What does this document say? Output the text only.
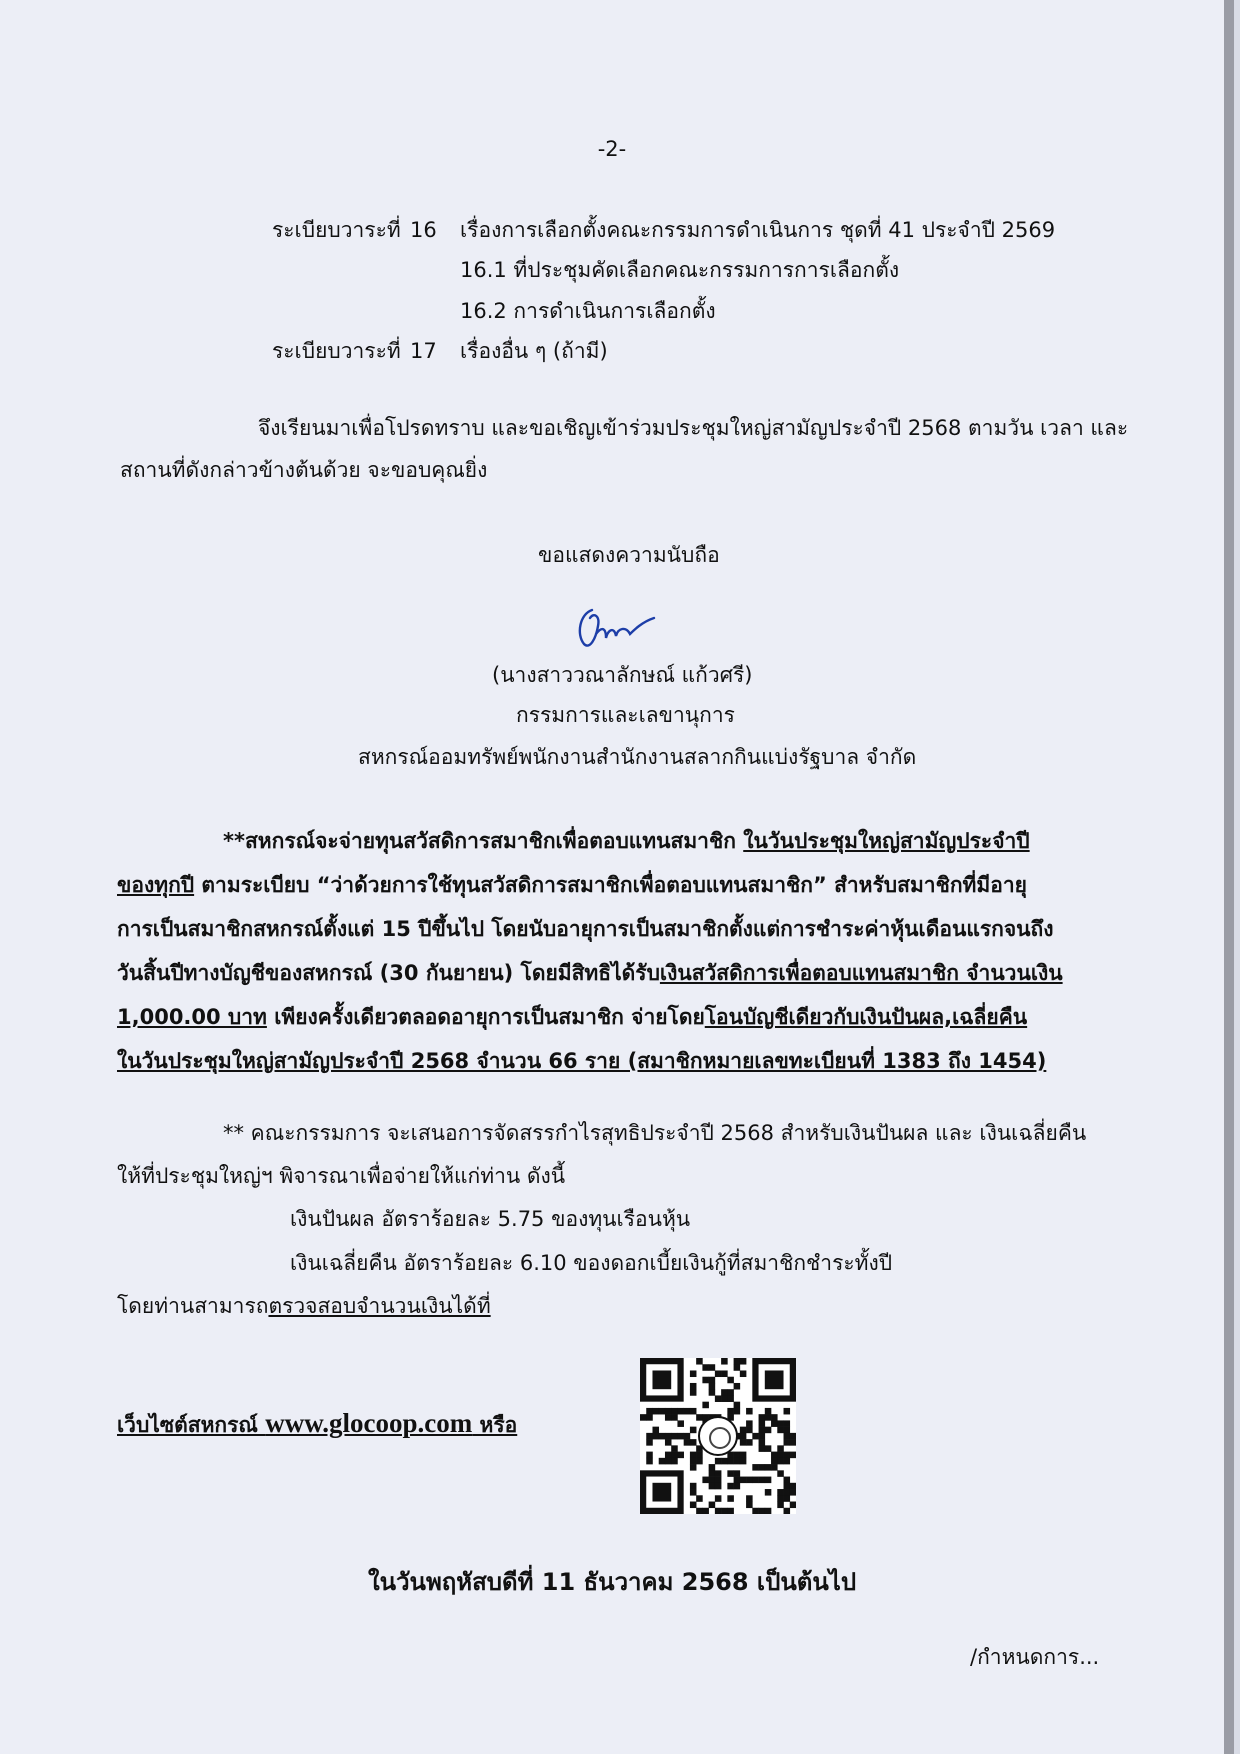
-2-
ระเบียบวาระที่ 16 เรื่องการเลือกตั้งคณะกรรมการดำเนินการ ชุดที่ 41 ประจำปี 2569
16.1 ที่ประชุมคัดเลือกคณะกรรมการการเลือกตั้ง
16.2 การดำเนินการเลือกตั้ง
ระเบียบวาระที่ 17 เรื่องอื่น ๆ (ถ้ามี)
จึงเรียนมาเพื่อโปรดทราบ และขอเชิญเข้าร่วมประชุมใหญ่สามัญประจำปี 2568 ตามวัน เวลา และ
สถานที่ดังกล่าวข้างต้นด้วย จะขอบคุณยิ่ง
ขอแสดงความนับถือ
(นางสาววณาลักษณ์ แก้วศรี)
กรรมการและเลขานุการ
สหกรณ์ออมทรัพย์พนักงานสำนักงานสลากกินแบ่งรัฐบาล จำกัด
**สหกรณ์จะจ่ายทุนสวัสดิการสมาชิกเพื่อตอบแทนสมาชิก ในวันประชุมใหญ่สามัญประจำปี
ของทุกปี ตามระเบียบ “ว่าด้วยการใช้ทุนสวัสดิการสมาชิกเพื่อตอบแทนสมาชิก” สำหรับสมาชิกที่มีอายุ
การเป็นสมาชิกสหกรณ์ตั้งแต่ 15 ปีขึ้นไป โดยนับอายุการเป็นสมาชิกตั้งแต่การชำระค่าหุ้นเดือนแรกจนถึง
วันสิ้นปีทางบัญชีของสหกรณ์ (30 กันยายน) โดยมีสิทธิได้รับเงินสวัสดิการเพื่อตอบแทนสมาชิก จำนวนเงิน
1,000.00 บาท เพียงครั้งเดียวตลอดอายุการเป็นสมาชิก จ่ายโดยโอนบัญชีเดียวกับเงินปันผล,เฉลี่ยคืน
ในวันประชุมใหญ่สามัญประจำปี 2568 จำนวน 66 ราย (สมาชิกหมายเลขทะเบียนที่ 1383 ถึง 1454)
** คณะกรรมการ จะเสนอการจัดสรรกำไรสุทธิประจำปี 2568 สำหรับเงินปันผล และ เงินเฉลี่ยคืน
ให้ที่ประชุมใหญ่ฯ พิจารณาเพื่อจ่ายให้แก่ท่าน ดังนี้
เงินปันผล อัตราร้อยละ 5.75 ของทุนเรือนหุ้น
เงินเฉลี่ยคืน อัตราร้อยละ 6.10 ของดอกเบี้ยเงินกู้ที่สมาชิกชำระทั้งปี
โดยท่านสามารถตรวจสอบจำนวนเงินได้ที่
เว็บไซต์สหกรณ์ www.glocoop.com หรือ
ในวันพฤหัสบดีที่ 11 ธันวาคม 2568 เป็นต้นไป
/กำหนดการ...
